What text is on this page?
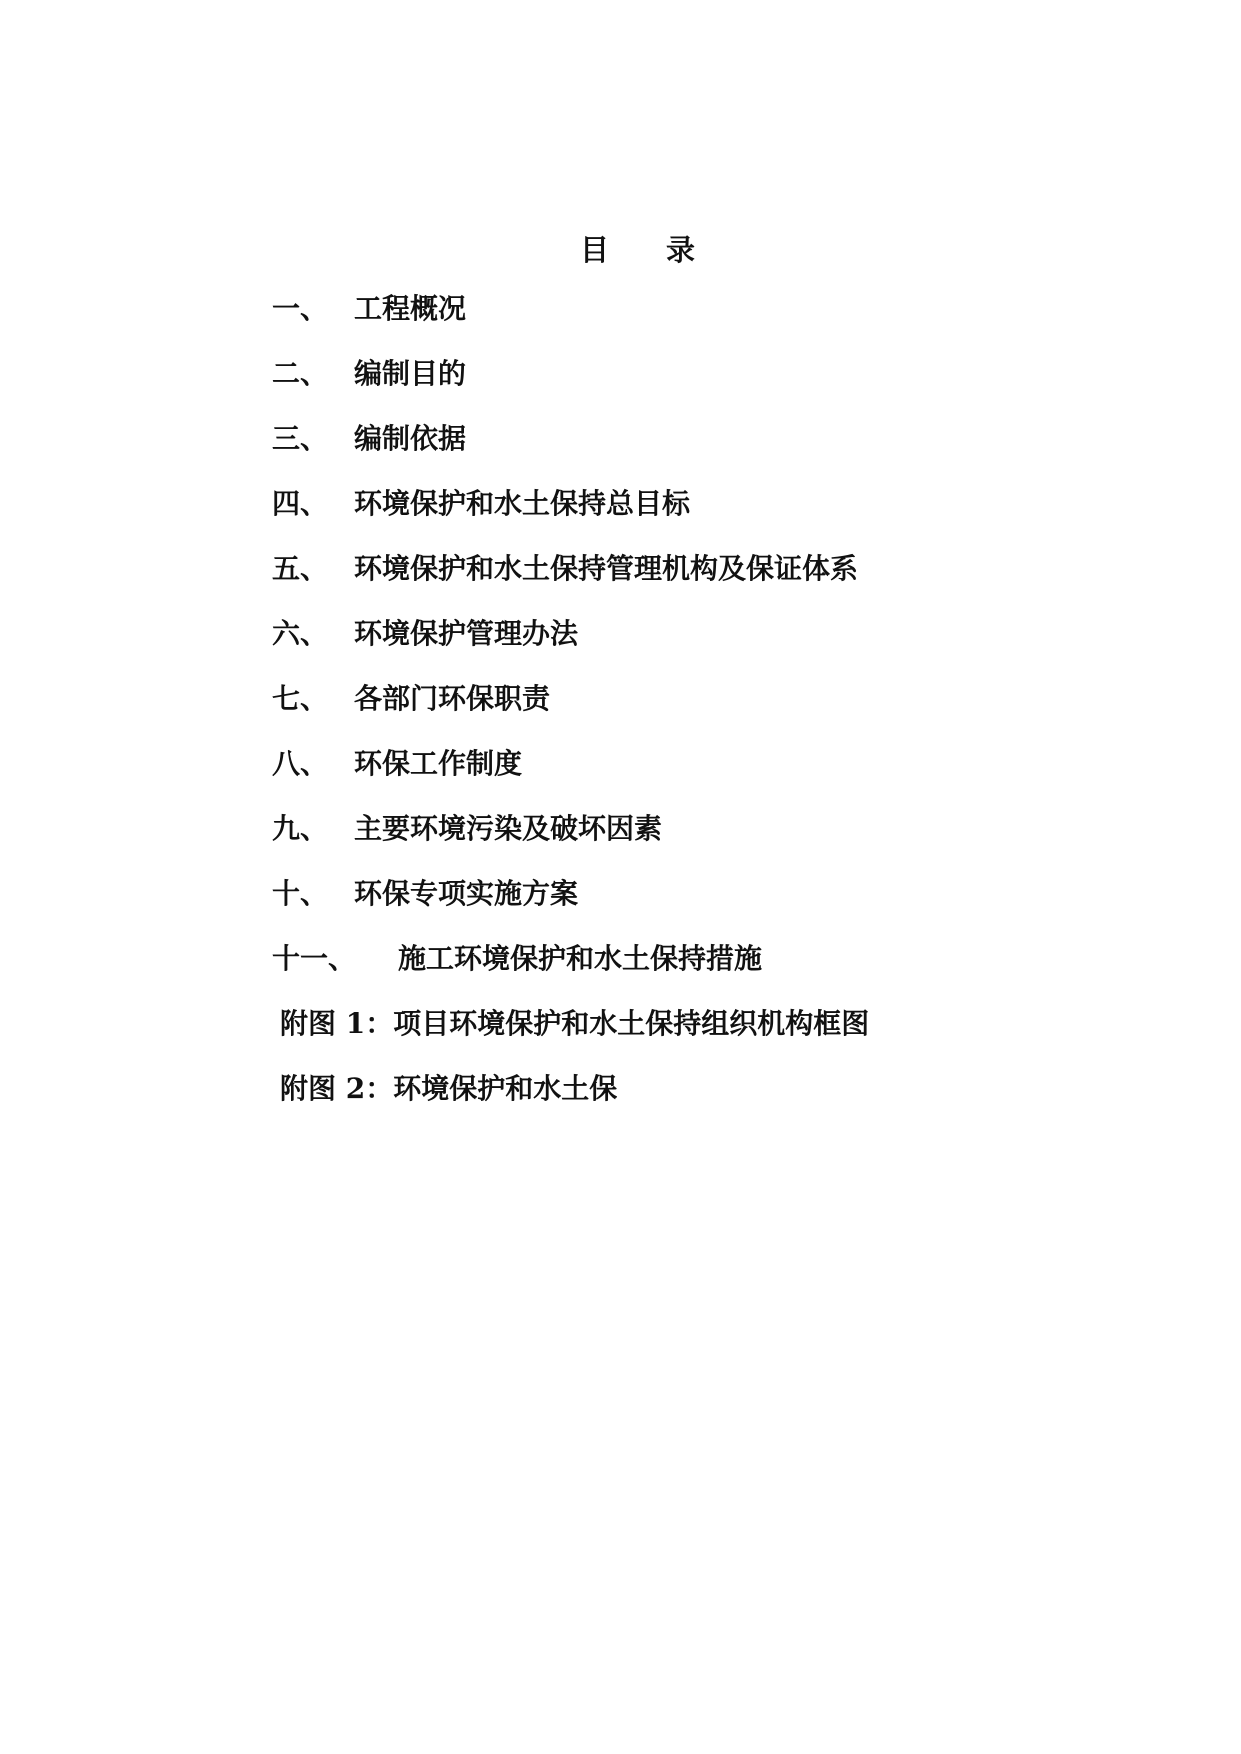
目 录
一、 工程概况
二、 编制目的
三、 编制依据
四、 环境保护和水土保持总目标
五、 环境保护和水土保持管理机构及保证体系
六、 环境保护管理办法
七、 各部门环保职责
八、 环保工作制度
九、 主要环境污染及破坏因素
十、 环保专项实施方案
十一、	施工环境保护和水土保持措施
附图 1：项目环境保护和水土保持组织机构框图
附图 2：环境保护和水土保
